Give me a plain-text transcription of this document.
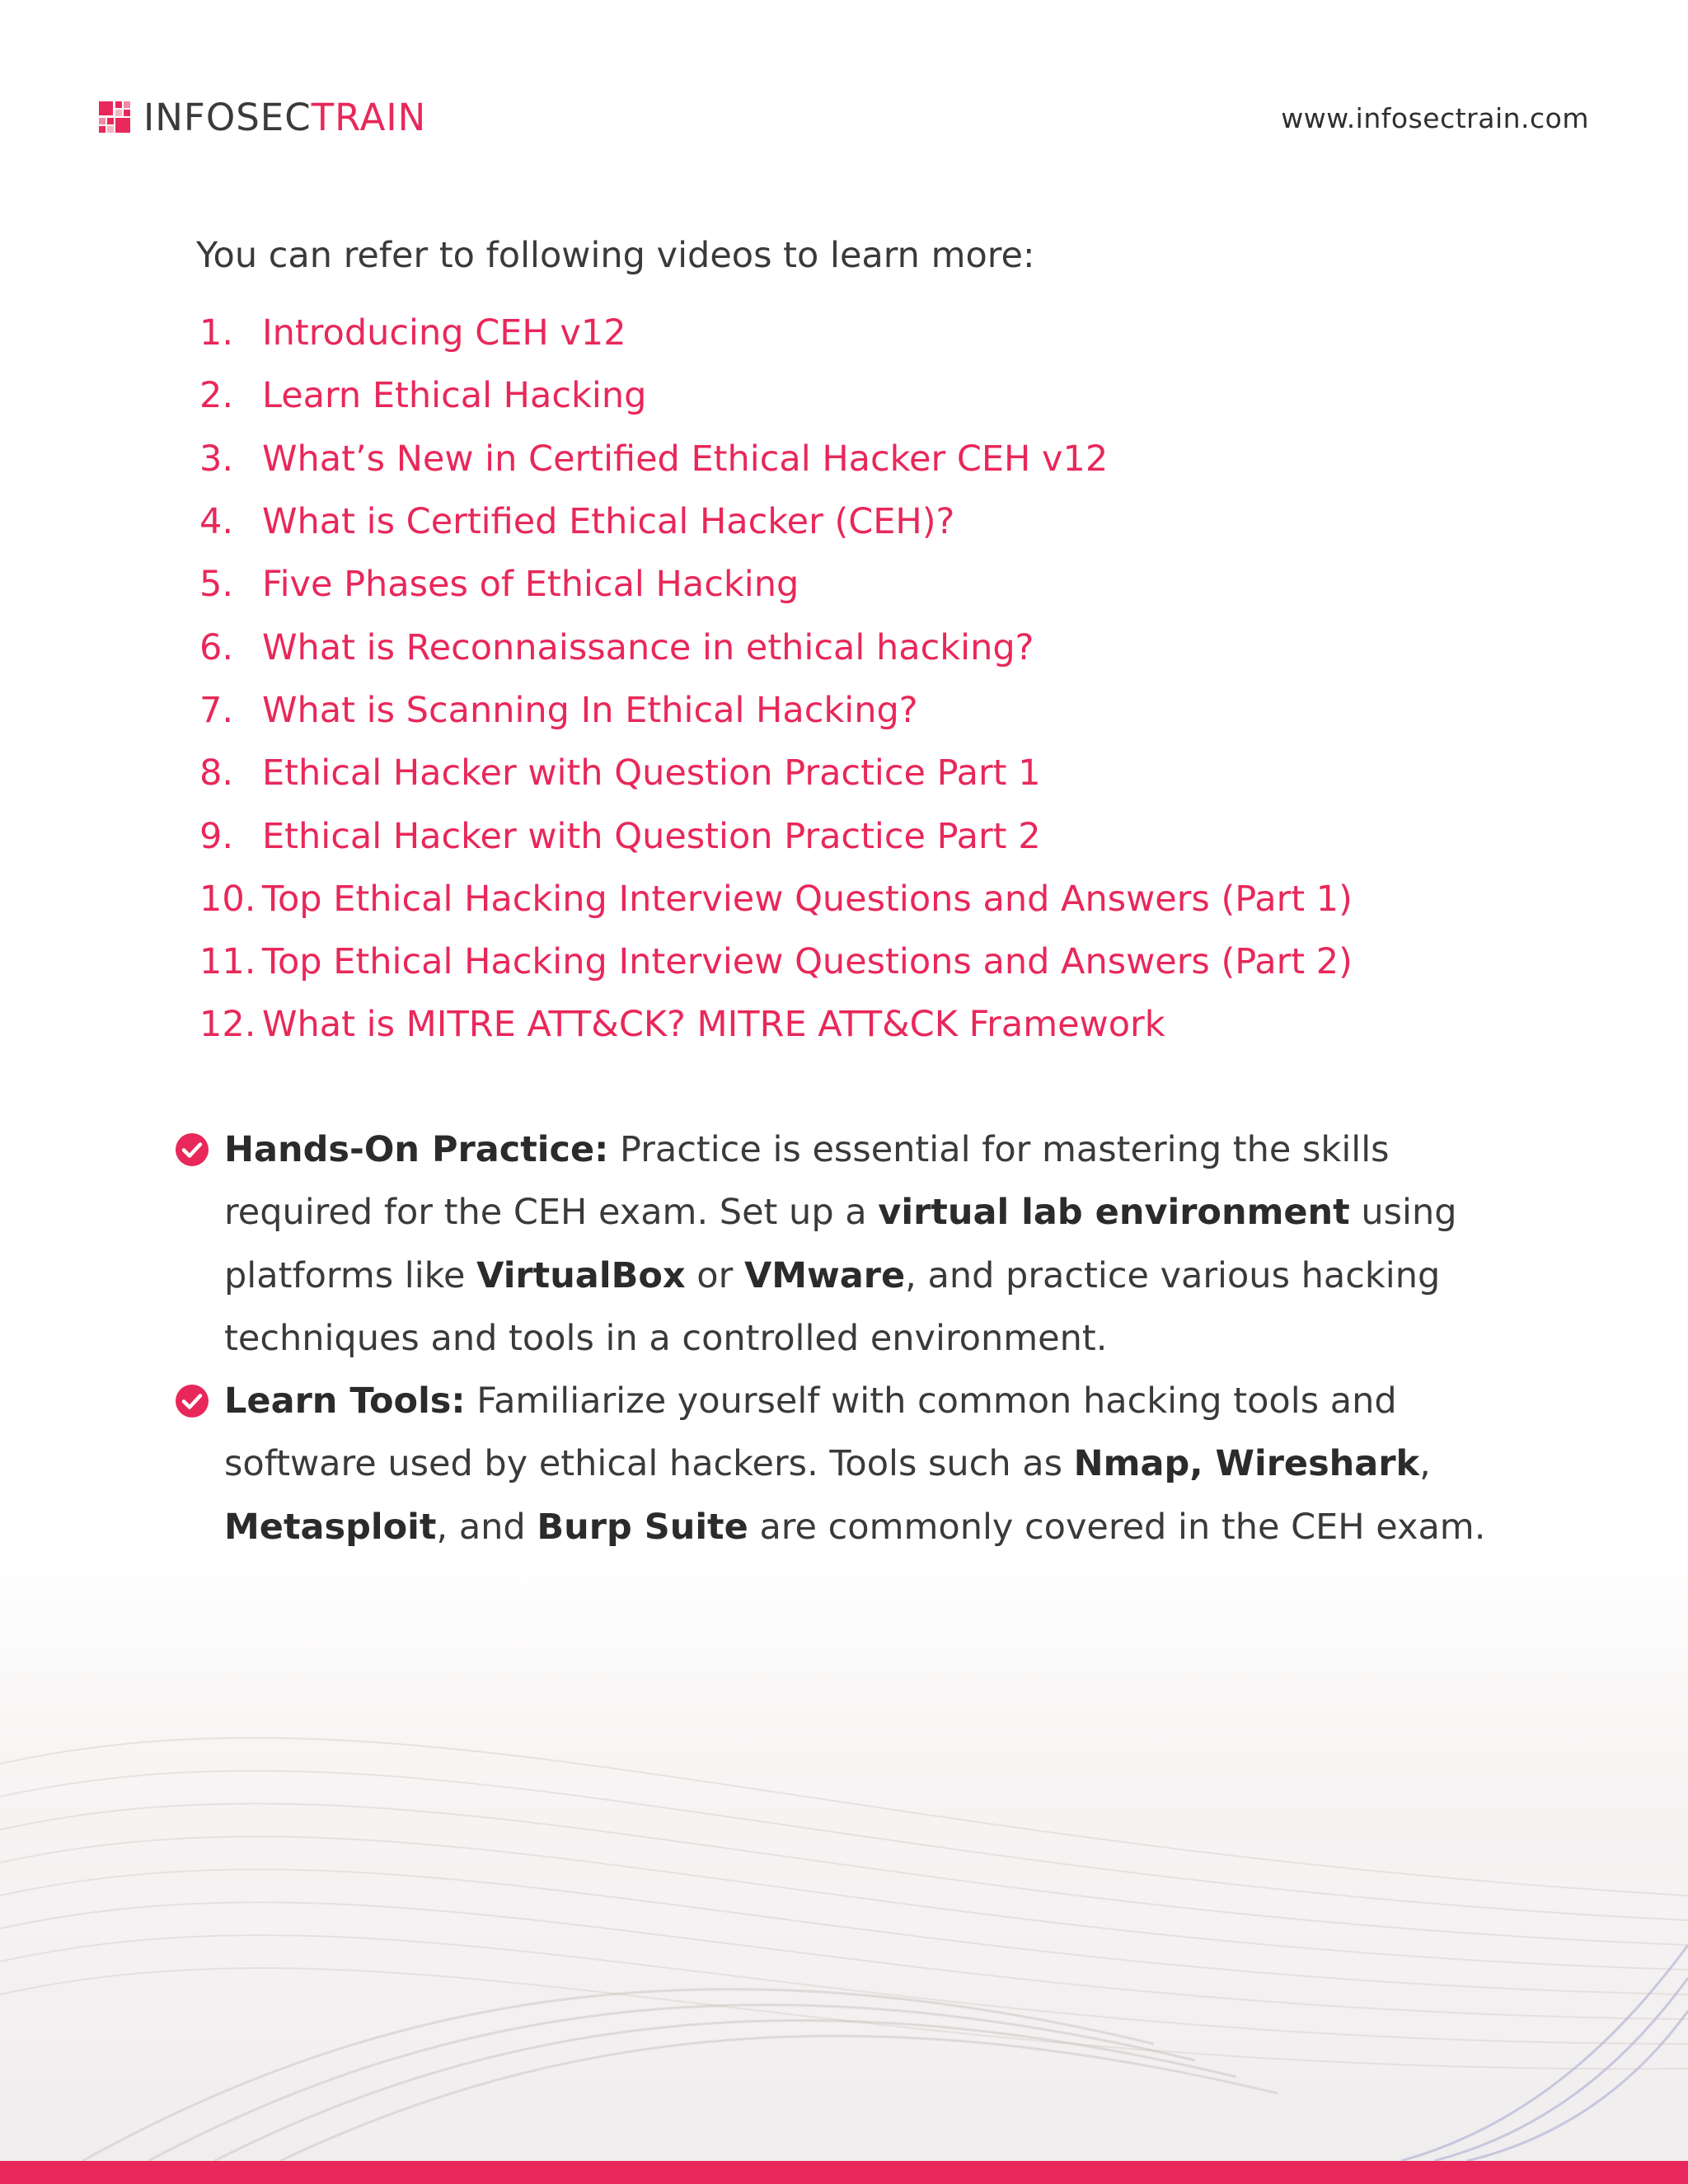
INFOSECTRAIN	www.infosectrain.com
You can refer to following videos to learn more:
1. Introducing CEH v12
2. Learn Ethical Hacking
3. What’s New in Certified Ethical Hacker CEH v12
4. What is Certified Ethical Hacker (CEH)?
5. Five Phases of Ethical Hacking
6. What is Reconnaissance in ethical hacking?
7. What is Scanning In Ethical Hacking?
8. Ethical Hacker with Question Practice Part 1
9. Ethical Hacker with Question Practice Part 2
10. Top Ethical Hacking Interview Questions and Answers (Part 1)
11. Top Ethical Hacking Interview Questions and Answers (Part 2)
12. What is MITRE ATT&CK? MITRE ATT&CK Framework
Hands-On Practice: Practice is essential for mastering the skills required for the CEH exam. Set up a virtual lab environment using platforms like VirtualBox or VMware, and practice various hacking techniques and tools in a controlled environment.
Learn Tools: Familiarize yourself with common hacking tools and software used by ethical hackers. Tools such as Nmap, Wireshark, Metasploit, and Burp Suite are commonly covered in the CEH exam.
